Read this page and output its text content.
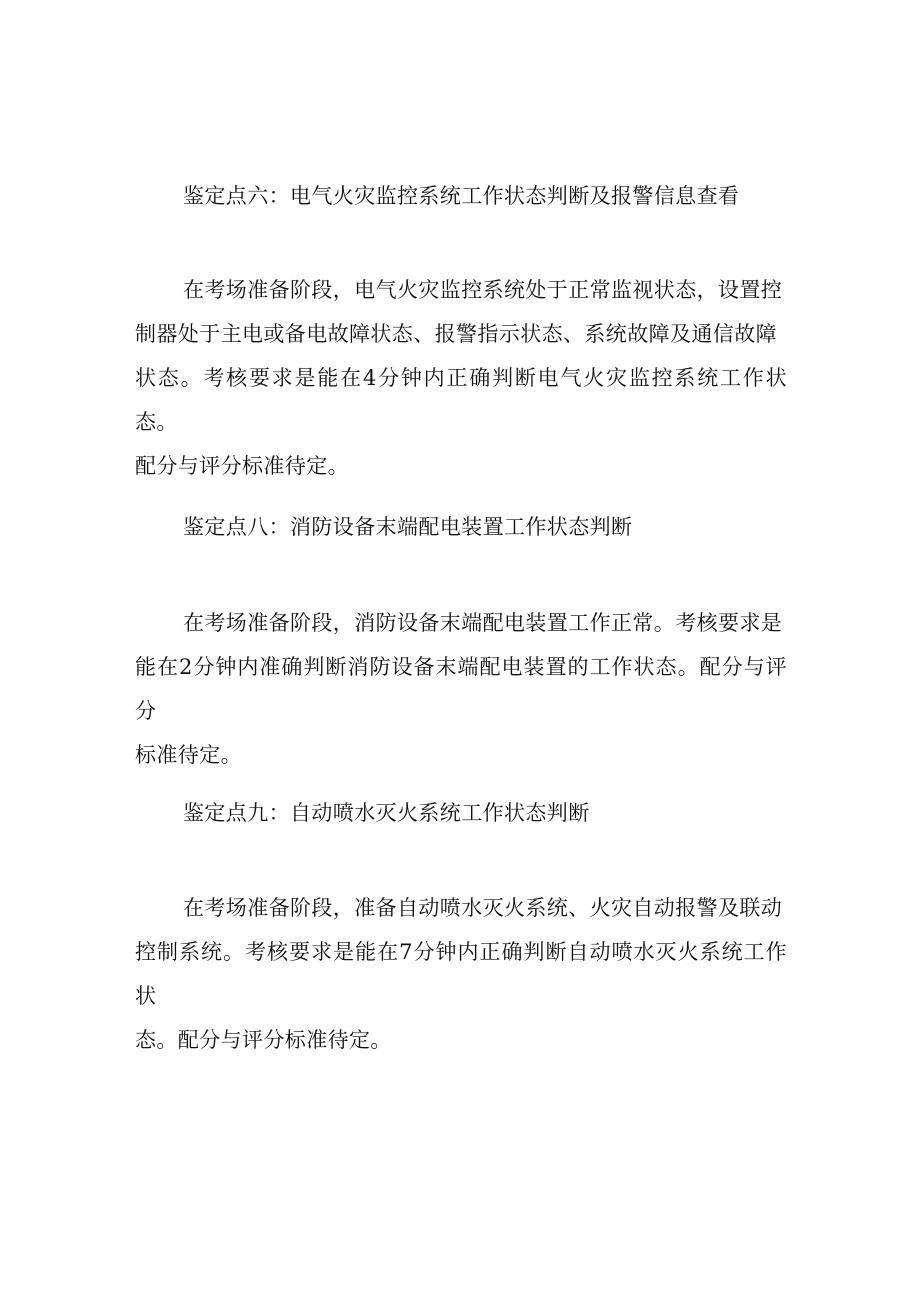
鉴定点六：电气火灾监控系统工作状态判断及报警信息查看
在考场准备阶段，电气火灾监控系统处于正常监视状态，设置控
制器处于主电或备电故障状态、报警指示状态、系统故障及通信故障
状态。考核要求是能在4分钟内正确判断电气火灾监控系统工作状态。
配分与评分标准待定。
鉴定点八：消防设备末端配电装置工作状态判断
在考场准备阶段，消防设备末端配电装置工作正常。考核要求是
能在2分钟内准确判断消防设备末端配电装置的工作状态。配分与评分
标准待定。
鉴定点九：自动喷水灭火系统工作状态判断
在考场准备阶段，准备自动喷水灭火系统、火灾自动报警及联动
控制系统。考核要求是能在7分钟内正确判断自动喷水灭火系统工作状
态。配分与评分标准待定。
